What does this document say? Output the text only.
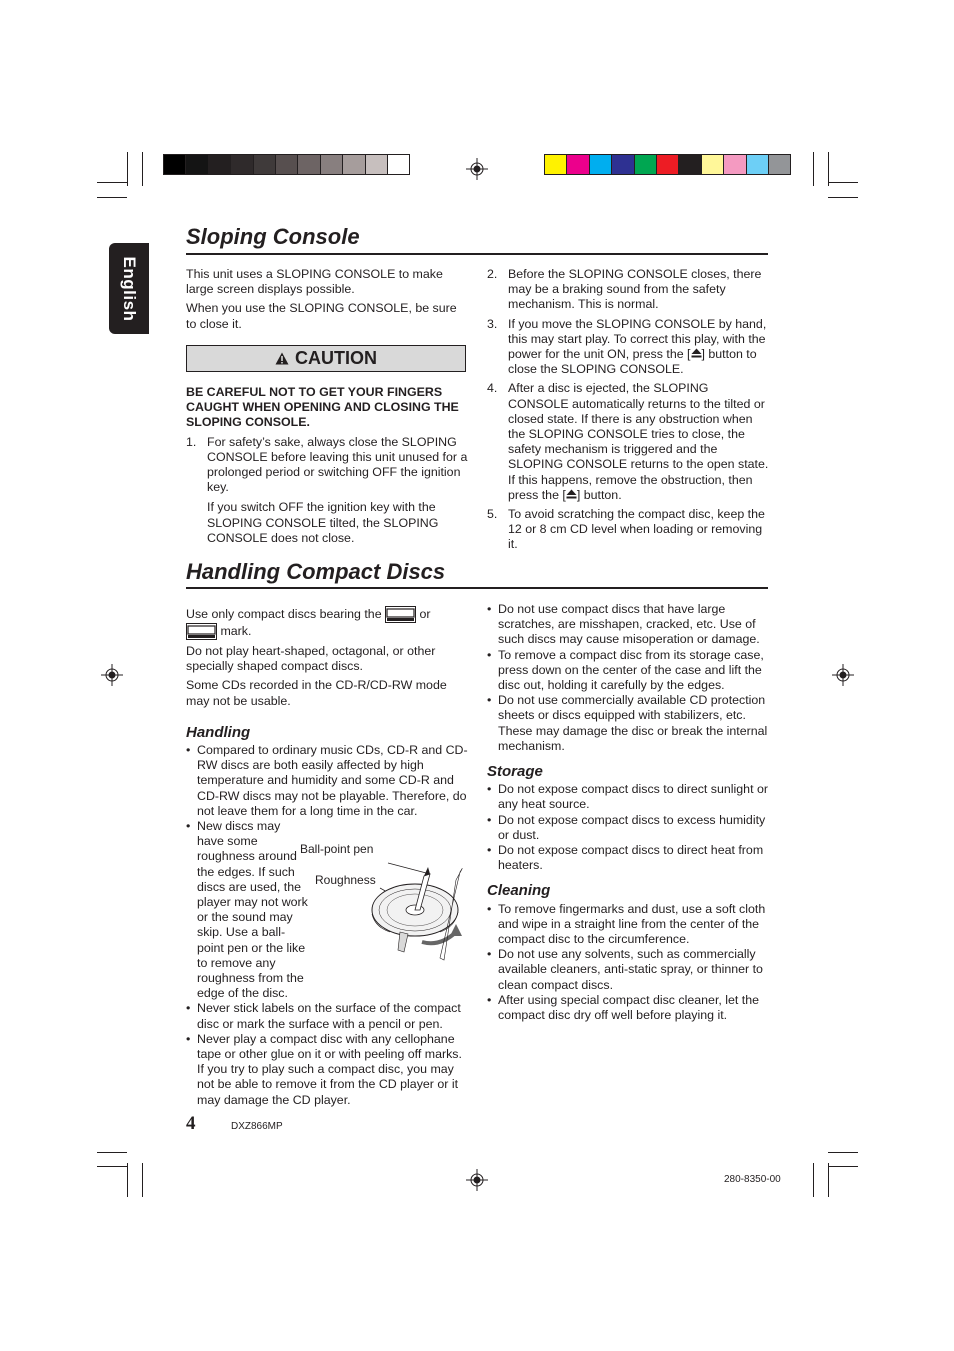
English
Sloping Console

This unit uses a SLOPING CONSOLE to make large screen displays possible.

When you use the SLOPING CONSOLE, be sure to close it.

CAUTION

BE CAREFUL NOT TO GET YOUR FINGERS CAUGHT WHEN OPENING AND CLOSING THE SLOPING CONSOLE.

1. For safety’s sake, always close the SLOPING CONSOLE before leaving this unit unused for a prolonged period or switching OFF the ignition key.
If you switch OFF the ignition key with the SLOPING CONSOLE tilted, the SLOPING CONSOLE does not close.
2. Before the SLOPING CONSOLE closes, there may be a braking sound from the safety mechanism. This is normal.
3. If you move the SLOPING CONSOLE by hand, this may start play. To correct this play, with the power for the unit ON, press the [ ] button to close the SLOPING CONSOLE.
4. After a disc is ejected, the SLOPING CONSOLE automatically returns to the tilted or closed state. If there is any obstruction when the SLOPING CONSOLE tries to close, the safety mechanism is triggered and the SLOPING CONSOLE returns to the open state. If this happens, remove the obstruction, then press the [ ] button.
5. To avoid scratching the compact disc, keep the 12 or 8 cm CD level when loading or removing it.
Handling Compact Discs

Use only compact discs bearing the	or
mark.

Do not play heart-shaped, octagonal, or other specially shaped compact discs.

Some CDs recorded in the CD-R/CD-RW mode may not be usable.

Handling
• Compared to ordinary music CDs, CD-R and CD-RW discs are both easily affected by high temperature and humidity and some CD-R and CD-RW discs may not be playable. Therefore, do not leave them for a long time in the car.
• New discs may have some roughness around the edges. If such discs are used, the player may not work or the sound may skip. Use a ball-point pen or the like to remove any roughness from the edge of the disc.
• Never stick labels on the surface of the compact disc or mark the surface with a pencil or pen.
• Never play a compact disc with any cellophane tape or other glue on it or with peeling off marks. If you try to play such a compact disc, you may not be able to remove it from the CD player or it may damage the CD player.
Ball-point pen
Roughness
• Do not use compact discs that have large scratches, are misshapen, cracked, etc. Use of such discs may cause misoperation or damage.
• To remove a compact disc from its storage case, press down on the center of the case and lift the disc out, holding it carefully by the edges.
• Do not use commercially available CD protection sheets or discs equipped with stabilizers, etc. These may damage the disc or break the internal mechanism.
Storage
• Do not expose compact discs to direct sunlight or any heat source.
• Do not expose compact discs to excess humidity or dust.
• Do not expose compact discs to direct heat from heaters.
Cleaning
• To remove fingermarks and dust, use a soft cloth and wipe in a straight line from the center of the compact disc to the circumference.
• Do not use any solvents, such as commercially available cleaners, anti-static spray, or thinner to clean compact discs.
• After using special compact disc cleaner, let the compact disc dry off well before playing it.
4	DXZ866MP
280-8350-00
